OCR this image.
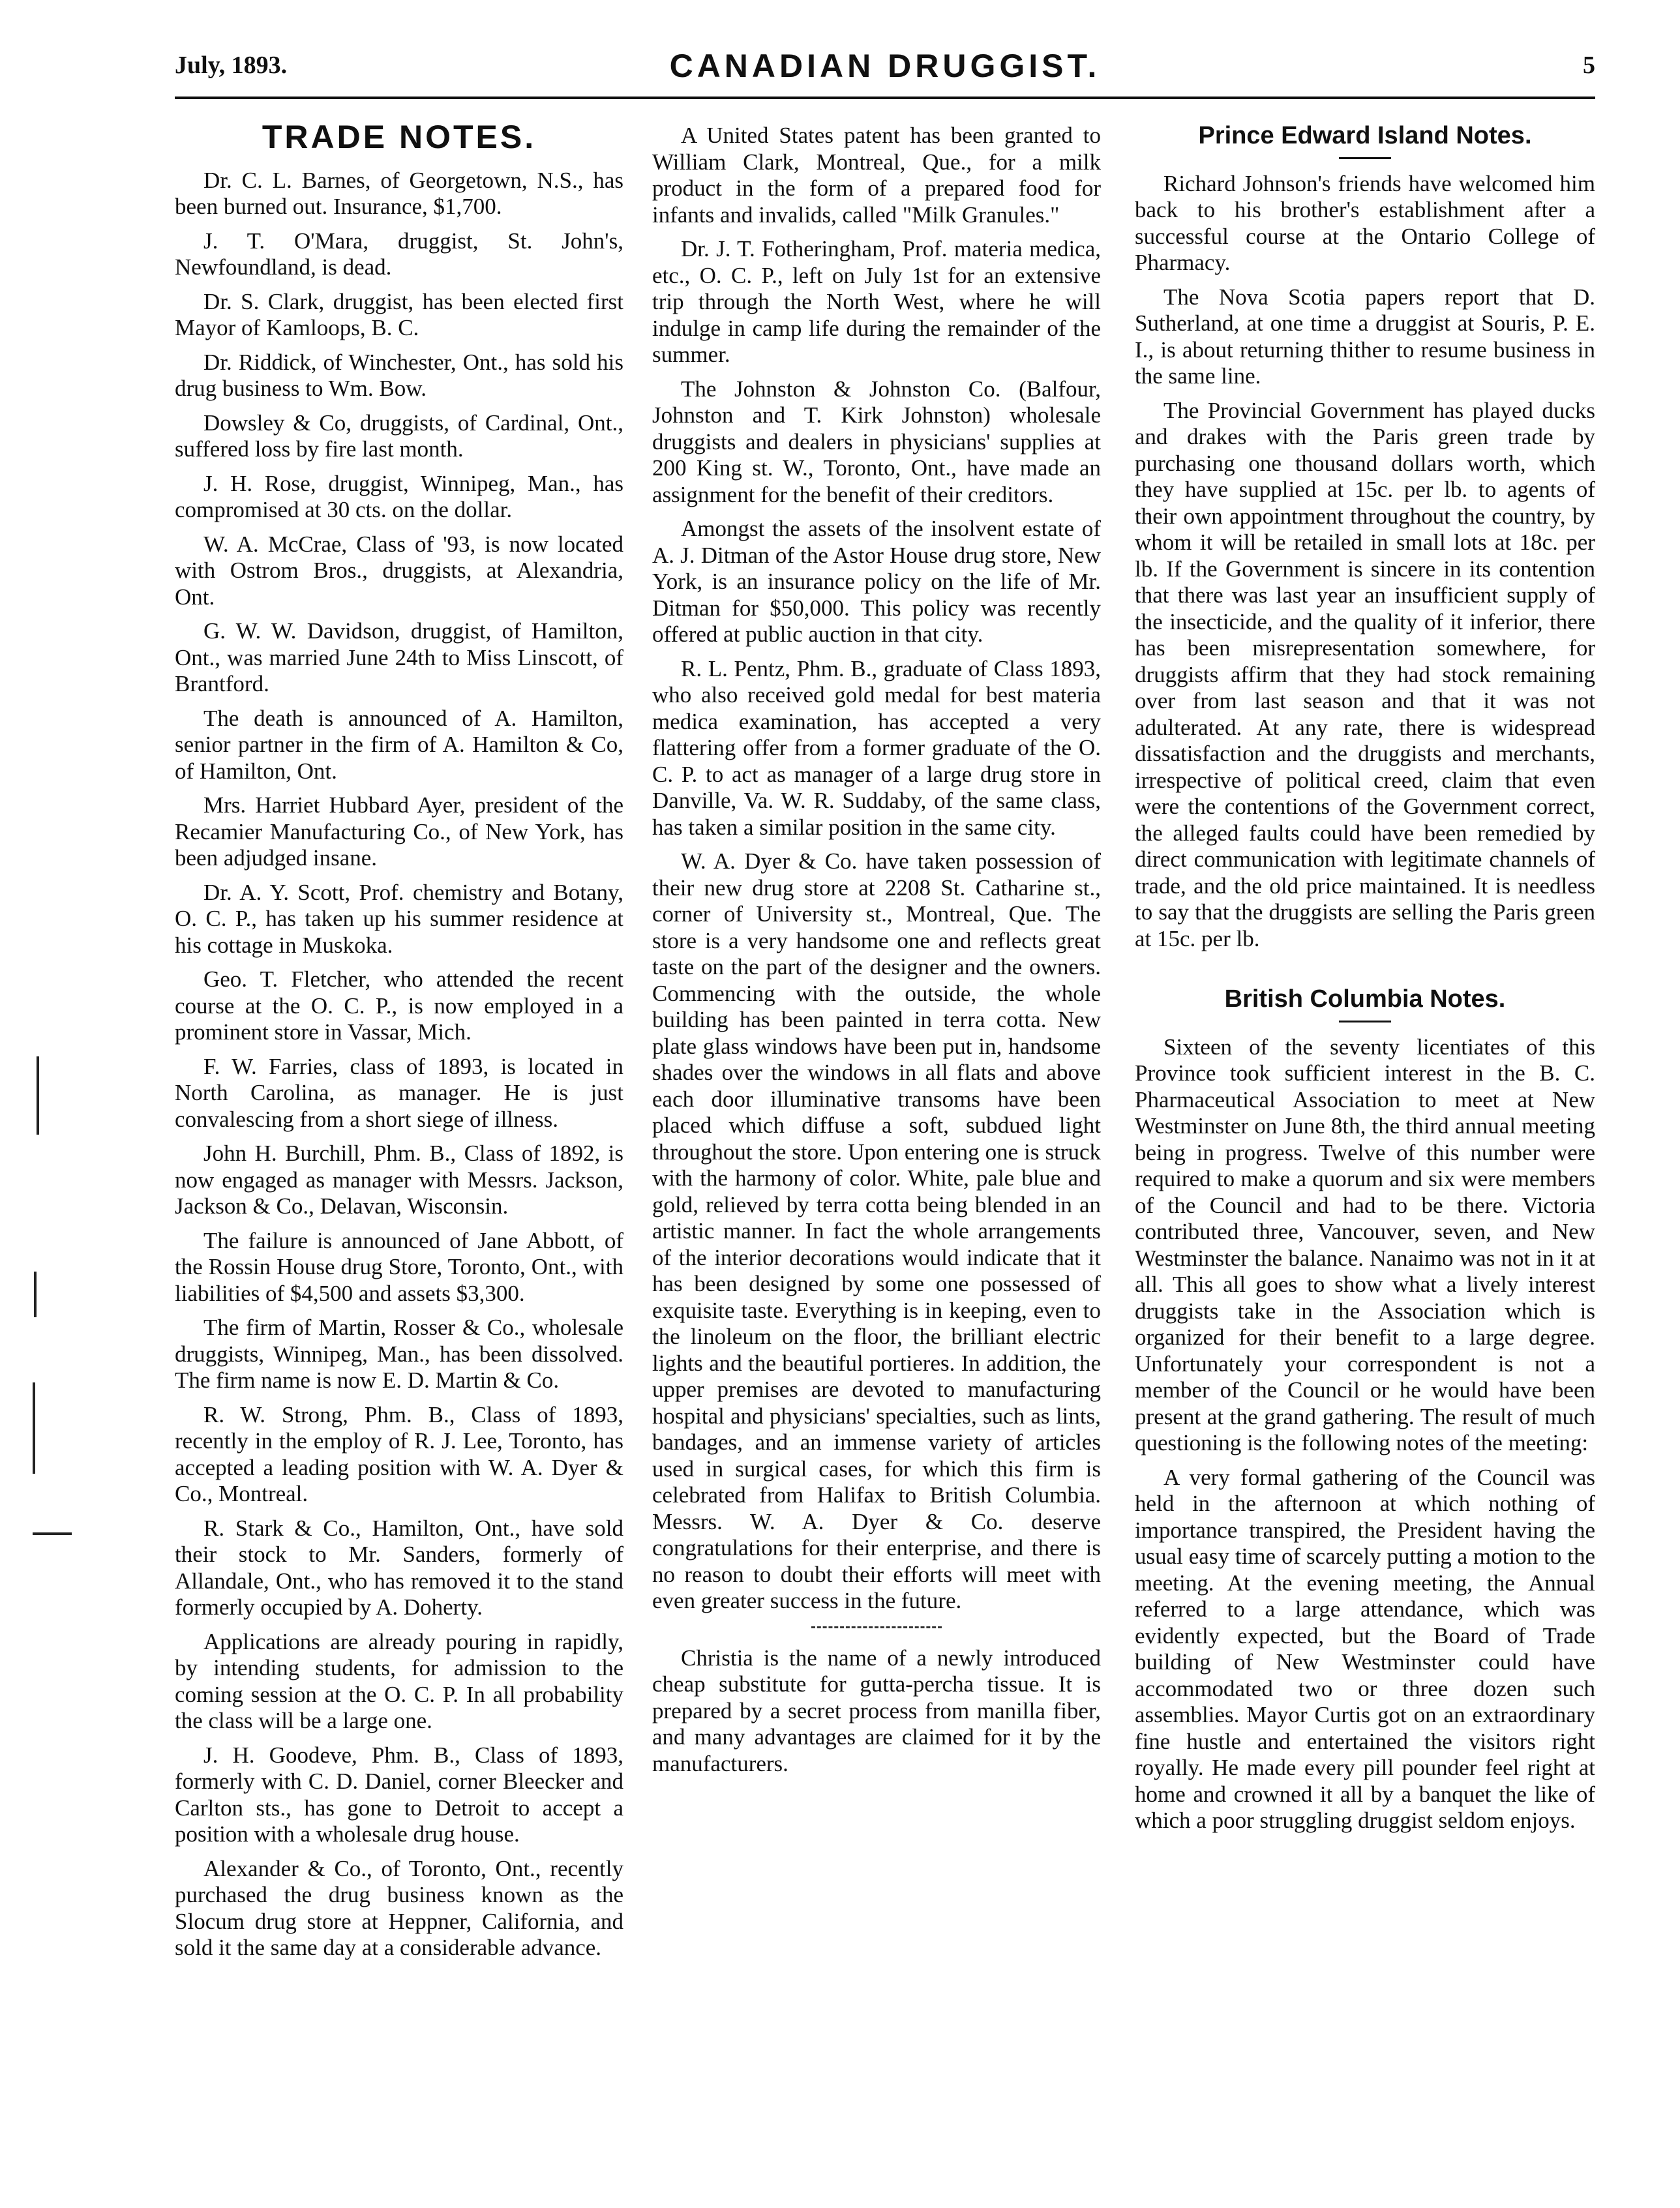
July, 1893.	CANADIAN DRUGGIST.	5
TRADE NOTES.

Dr. C. L. Barnes, of Georgetown, N.S., has been burned out. Insurance, $1,700.

J. T. O'Mara, druggist, St. John's, Newfoundland, is dead.

Dr. S. Clark, druggist, has been elected first Mayor of Kamloops, B. C.

Dr. Riddick, of Winchester, Ont., has sold his drug business to Wm. Bow.

Dowsley & Co, druggists, of Cardinal, Ont., suffered loss by fire last month.

J. H. Rose, druggist, Winnipeg, Man., has compromised at 30 cts. on the dollar.

W. A. McCrae, Class of '93, is now located with Ostrom Bros., druggists, at Alexandria, Ont.

G. W. W. Davidson, druggist, of Hamilton, Ont., was married June 24th to Miss Linscott, of Brantford.

The death is announced of A. Hamilton, senior partner in the firm of A. Hamilton & Co, of Hamilton, Ont.

Mrs. Harriet Hubbard Ayer, president of the Recamier Manufacturing Co., of New York, has been adjudged insane.

Dr. A. Y. Scott, Prof. chemistry and Botany, O. C. P., has taken up his summer residence at his cottage in Muskoka.

Geo. T. Fletcher, who attended the recent course at the O. C. P., is now employed in a prominent store in Vassar, Mich.

F. W. Farries, class of 1893, is located in North Carolina, as manager. He is just convalescing from a short siege of illness.

John H. Burchill, Phm. B., Class of 1892, is now engaged as manager with Messrs. Jackson, Jackson & Co., Delavan, Wisconsin.

The failure is announced of Jane Abbott, of the Rossin House drug Store, Toronto, Ont., with liabilities of $4,500 and assets $3,300.

The firm of Martin, Rosser & Co., wholesale druggists, Winnipeg, Man., has been dissolved. The firm name is now E. D. Martin & Co.

R. W. Strong, Phm. B., Class of 1893, recently in the employ of R. J. Lee, Toronto, has accepted a leading position with W. A. Dyer & Co., Montreal.

R. Stark & Co., Hamilton, Ont., have sold their stock to Mr. Sanders, formerly of Allandale, Ont., who has removed it to the stand formerly occupied by A. Doherty.

Applications are already pouring in rapidly, by intending students, for admission to the coming session at the O. C. P. In all probability the class will be a large one.

J. H. Goodeve, Phm. B., Class of 1893, formerly with C. D. Daniel, corner Bleecker and Carlton sts., has gone to Detroit to accept a position with a wholesale drug house.

Alexander & Co., of Toronto, Ont., recently purchased the drug business known as the Slocum drug store at Heppner, California, and sold it the same day at a considerable advance.

A United States patent has been granted to William Clark, Montreal, Que., for a milk product in the form of a prepared food for infants and invalids, called "Milk Granules."

Dr. J. T. Fotheringham, Prof. materia medica, etc., O. C. P., left on July 1st for an extensive trip through the North West, where he will indulge in camp life during the remainder of the summer.

The Johnston & Johnston Co. (Balfour, Johnston and T. Kirk Johnston) wholesale druggists and dealers in physicians' supplies at 200 King st. W., Toronto, Ont., have made an assignment for the benefit of their creditors.

Amongst the assets of the insolvent estate of A. J. Ditman of the Astor House drug store, New York, is an insurance policy on the life of Mr. Ditman for $50,000. This policy was recently offered at public auction in that city.

R. L. Pentz, Phm. B., graduate of Class 1893, who also received gold medal for best materia medica examination, has accepted a very flattering offer from a former graduate of the O. C. P. to act as manager of a large drug store in Danville, Va. W. R. Suddaby, of the same class, has taken a similar position in the same city.

W. A. Dyer & Co. have taken possession of their new drug store at 2208 St. Catharine st., corner of University st., Montreal, Que. The store is a very handsome one and reflects great taste on the part of the designer and the owners. Commencing with the outside, the whole building has been painted in terra cotta. New plate glass windows have been put in, handsome shades over the windows in all flats and above each door illuminative transoms have been placed which diffuse a soft, subdued light throughout the store. Upon entering one is struck with the harmony of color. White, pale blue and gold, relieved by terra cotta being blended in an artistic manner. In fact the whole arrangements of the interior decorations would indicate that it has been designed by some one possessed of exquisite taste. Everything is in keeping, even to the linoleum on the floor, the brilliant electric lights and the beautiful portieres. In addition, the upper premises are devoted to manufacturing hospital and physicians' specialties, such as lints, bandages, and an immense variety of articles used in surgical cases, for which this firm is celebrated from Halifax to British Columbia. Messrs. W. A. Dyer & Co. deserve congratulations for their enterprise, and there is no reason to doubt their efforts will meet with even greater success in the future.

Christia is the name of a newly introduced cheap substitute for gutta-percha tissue. It is prepared by a secret process from manilla fiber, and many advantages are claimed for it by the manufacturers.

Prince Edward Island Notes.

Richard Johnson's friends have welcomed him back to his brother's establishment after a successful course at the Ontario College of Pharmacy.

The Nova Scotia papers report that D. Sutherland, at one time a druggist at Souris, P. E. I., is about returning thither to resume business in the same line.

The Provincial Government has played ducks and drakes with the Paris green trade by purchasing one thousand dollars worth, which they have supplied at 15c. per lb. to agents of their own appointment throughout the country, by whom it will be retailed in small lots at 18c. per lb. If the Government is sincere in its contention that there was last year an insufficient supply of the insecticide, and the quality of it inferior, there has been misrepresentation somewhere, for druggists affirm that they had stock remaining over from last season and that it was not adulterated. At any rate, there is widespread dissatisfaction and the druggists and merchants, irrespective of political creed, claim that even were the contentions of the Government correct, the alleged faults could have been remedied by direct communication with legitimate channels of trade, and the old price maintained. It is needless to say that the druggists are selling the Paris green at 15c. per lb.

British Columbia Notes.

Sixteen of the seventy licentiates of this Province took sufficient interest in the B. C. Pharmaceutical Association to meet at New Westminster on June 8th, the third annual meeting being in progress. Twelve of this number were required to make a quorum and six were members of the Council and had to be there. Victoria contributed three, Vancouver, seven, and New Westminster the balance. Nanaimo was not in it at all. This all goes to show what a lively interest druggists take in the Association which is organized for their benefit to a large degree. Unfortunately your correspondent is not a member of the Council or he would have been present at the grand gathering. The result of much questioning is the following notes of the meeting:

A very formal gathering of the Council was held in the afternoon at which nothing of importance transpired, the President having the usual easy time of scarcely putting a motion to the meeting. At the evening meeting, the Annual referred to a large attendance, which was evidently expected, but the Board of Trade building of New Westminster could have accommodated two or three dozen such assemblies. Mayor Curtis got on an extraordinary fine hustle and entertained the visitors right royally. He made every pill pounder feel right at home and crowned it all by a banquet the like of which a poor struggling druggist seldom enjoys.
